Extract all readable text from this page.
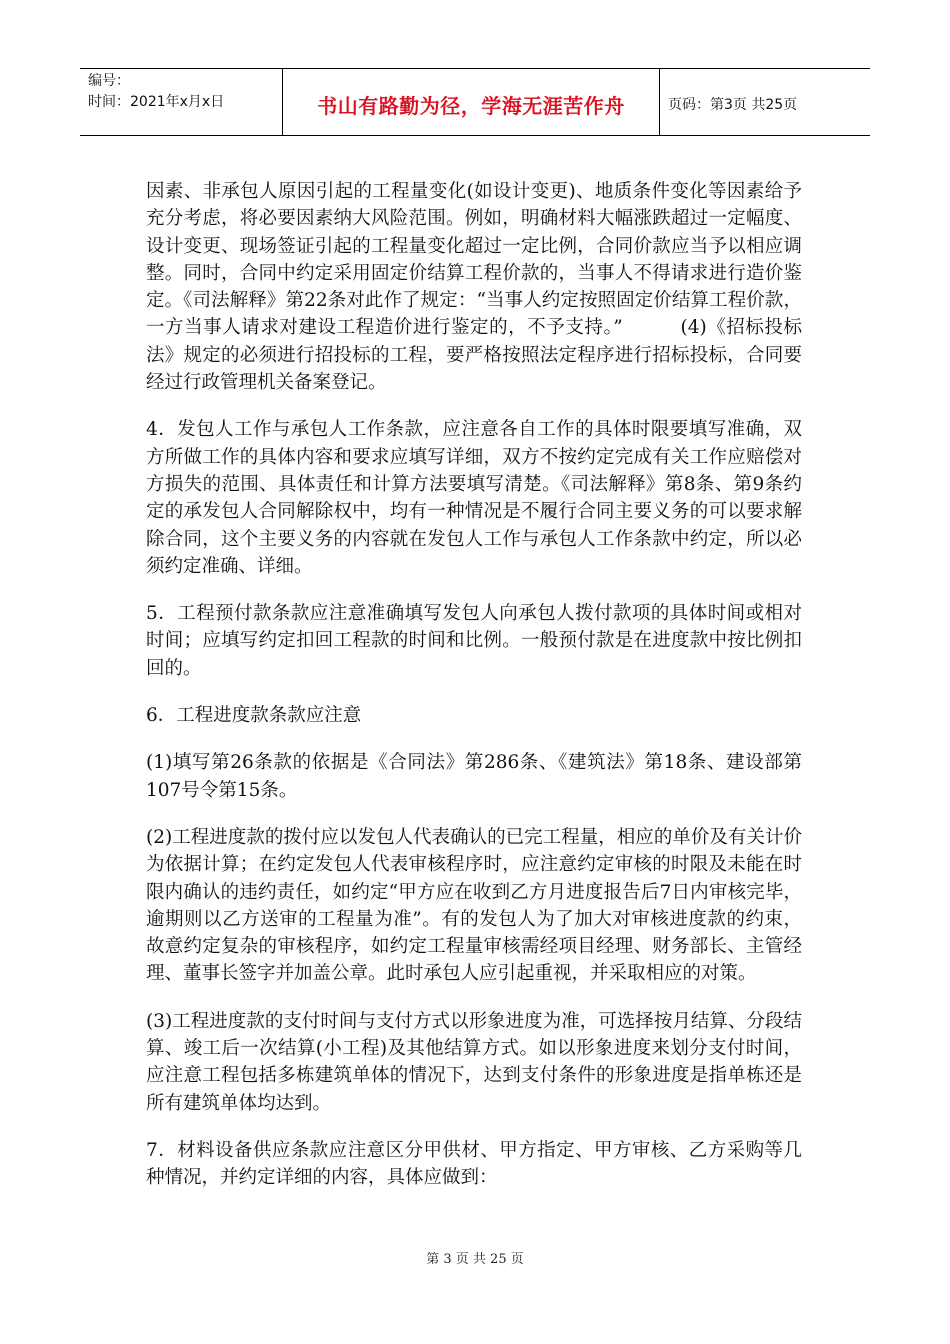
编号：
时间：2021年x月x日	书山有路勤为径，学海无涯苦作舟	页码：第3页 共25页

因素、非承包人原因引起的工程量变化(如设计变更)、地质条件变化等因素给予充分考虑，将必要因素纳大风险范围。例如，明确材料大幅涨跌超过一定幅度、设计变更、现场签证引起的工程量变化超过一定比例，合同价款应当予以相应调整。同时，合同中约定采用固定价结算工程价款的，当事人不得请求进行造价鉴定。《司法解释》第22条对此作了规定：“当事人约定按照固定价结算工程价款，一方当事人请求对建设工程造价进行鉴定的，不予支持。”　　　(4)《招标投标法》规定的必须进行招投标的工程，要严格按照法定程序进行招标投标，合同要经过行政管理机关备案登记。

4．发包人工作与承包人工作条款，应注意各自工作的具体时限要填写准确，双方所做工作的具体内容和要求应填写详细，双方不按约定完成有关工作应赔偿对方损失的范围、具体责任和计算方法要填写清楚。《司法解释》第8条、第9条约定的承发包人合同解除权中，均有一种情况是不履行合同主要义务的可以要求解除合同，这个主要义务的内容就在发包人工作与承包人工作条款中约定，所以必须约定准确、详细。

5．工程预付款条款应注意准确填写发包人向承包人拨付款项的具体时间或相对时间；应填写约定扣回工程款的时间和比例。一般预付款是在进度款中按比例扣回的。

6．工程进度款条款应注意

(1)填写第26条款的依据是《合同法》第286条、《建筑法》第18条、建设部第107号令第15条。

(2)工程进度款的拨付应以发包人代表确认的已完工程量，相应的单价及有关计价为依据计算；在约定发包人代表审核程序时，应注意约定审核的时限及未能在时限内确认的违约责任，如约定“甲方应在收到乙方月进度报告后7日内审核完毕，逾期则以乙方送审的工程量为准”。有的发包人为了加大对审核进度款的约束，故意约定复杂的审核程序，如约定工程量审核需经项目经理、财务部长、主管经理、董事长签字并加盖公章。此时承包人应引起重视，并采取相应的对策。

(3)工程进度款的支付时间与支付方式以形象进度为准，可选择按月结算、分段结算、竣工后一次结算(小工程)及其他结算方式。如以形象进度来划分支付时间，应注意工程包括多栋建筑单体的情况下，达到支付条件的形象进度是指单栋还是所有建筑单体均达到。

7．材料设备供应条款应注意区分甲供材、甲方指定、甲方审核、乙方采购等几种情况，并约定详细的内容，具体应做到：

第 3 页 共 25 页
